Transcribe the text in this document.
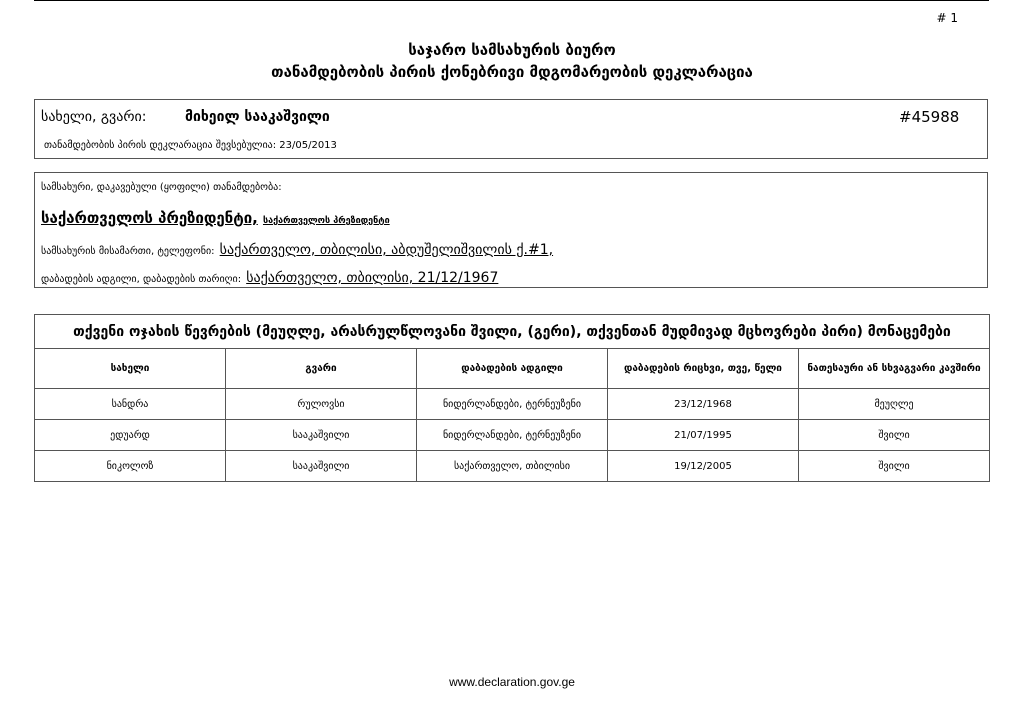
# 1
საჯარო სამსახურის ბიურო
თანამდებობის პირის ქონებრივი მდგომარეობის დეკლარაცია
სახელი, გვარი:	მიხეილ სააკაშვილი	#45988
თანამდებობის პირის დეკლარაცია შევსებულია: 23/05/2013
სამსახური, დაკავებული (ყოფილი) თანამდებობა:
საქართველოს პრეზიდენტი, საქართველოს პრეზიდენტი
სამსახურის მისამართი, ტელეფონი: საქართველო, თბილისი, აბდუშელიშვილის ქ.#1,
დაბადების ადგილი, დაბადების თარიღი: საქართველო, თბილისი, 21/12/1967
თქვენი ოჯახის წევრების (მეუღლე, არასრულწლოვანი შვილი, (გერი), თქვენთან მუდმივად მცხოვრები პირი) მონაცემები				
სახელი	გვარი	დაბადების ადგილი	დაბადების რიცხვი, თვე, წელი	ნათესაური ან სხვაგვარი კავშირი
სანდრა	რულოვსი	ნიდერლანდები, ტერნეუზენი	23/12/1968	მეუღლე
ედუარდ	სააკაშვილი	ნიდერლანდები, ტერნეუზენი	21/07/1995	შვილი
ნიკოლოზ	სააკაშვილი	საქართველო, თბილისი	19/12/2005	შვილი
www.declaration.gov.ge
